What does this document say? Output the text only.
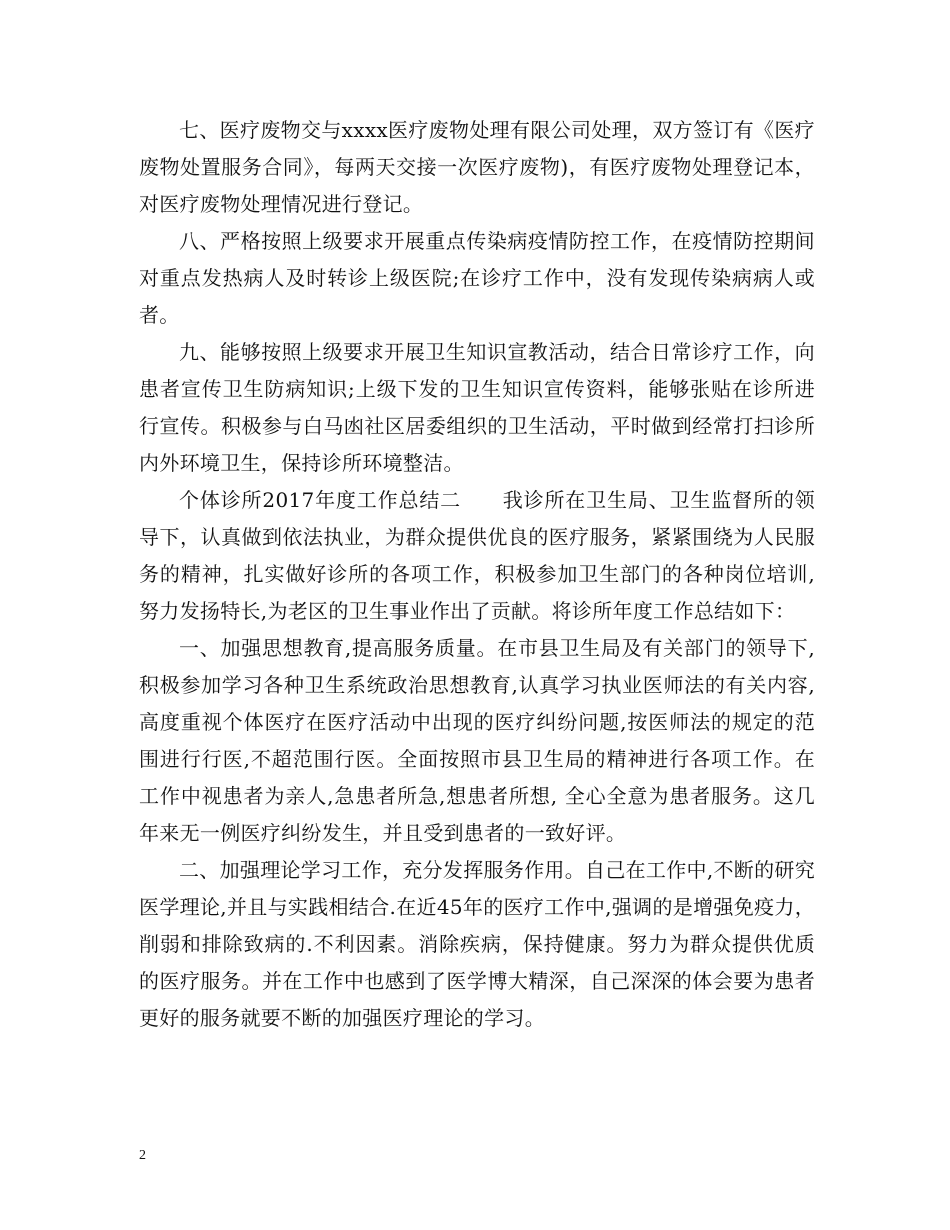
七、医疗废物交与xxxx医疗废物处理有限公司处理，双方签订有《医疗废物处置服务合同》，每两天交接一次医疗废物)，有医疗废物处理登记本，对医疗废物处理情况进行登记。

八、严格按照上级要求开展重点传染病疫情防控工作，在疫情防控期间对重点发热病人及时转诊上级医院;在诊疗工作中，没有发现传染病病人或者。

九、能够按照上级要求开展卫生知识宣教活动，结合日常诊疗工作，向患者宣传卫生防病知识;上级下发的卫生知识宣传资料，能够张贴在诊所进行宣传。积极参与白马凼社区居委组织的卫生活动，平时做到经常打扫诊所内外环境卫生，保持诊所环境整洁。

个体诊所2017年度工作总结二　　我诊所在卫生局、卫生监督所的领导下，认真做到依法执业，为群众提供优良的医疗服务，紧紧围绕为人民服务的精神，扎实做好诊所的各项工作，积极参加卫生部门的各种岗位培训,努力发扬特长,为老区的卫生事业作出了贡献。将诊所年度工作总结如下：

一、加强思想教育,提高服务质量。在市县卫生局及有关部门的领导下,积极参加学习各种卫生系统政治思想教育,认真学习执业医师法的有关内容,高度重视个体医疗在医疗活动中出现的医疗纠纷问题,按医师法的规定的范围进行行医,不超范围行医。全面按照市县卫生局的精神进行各项工作。在工作中视患者为亲人,急患者所急,想患者所想, 全心全意为患者服务。这几年来无一例医疗纠纷发生，并且受到患者的一致好评。

二、加强理论学习工作，充分发挥服务作用。自己在工作中,不断的研究医学理论,并且与实践相结合.在近45年的医疗工作中,强调的是增强免疫力，削弱和排除致病的.不利因素。消除疾病，保持健康。努力为群众提供优质的医疗服务。并在工作中也感到了医学博大精深，自己深深的体会要为患者更好的服务就要不断的加强医疗理论的学习。

2
